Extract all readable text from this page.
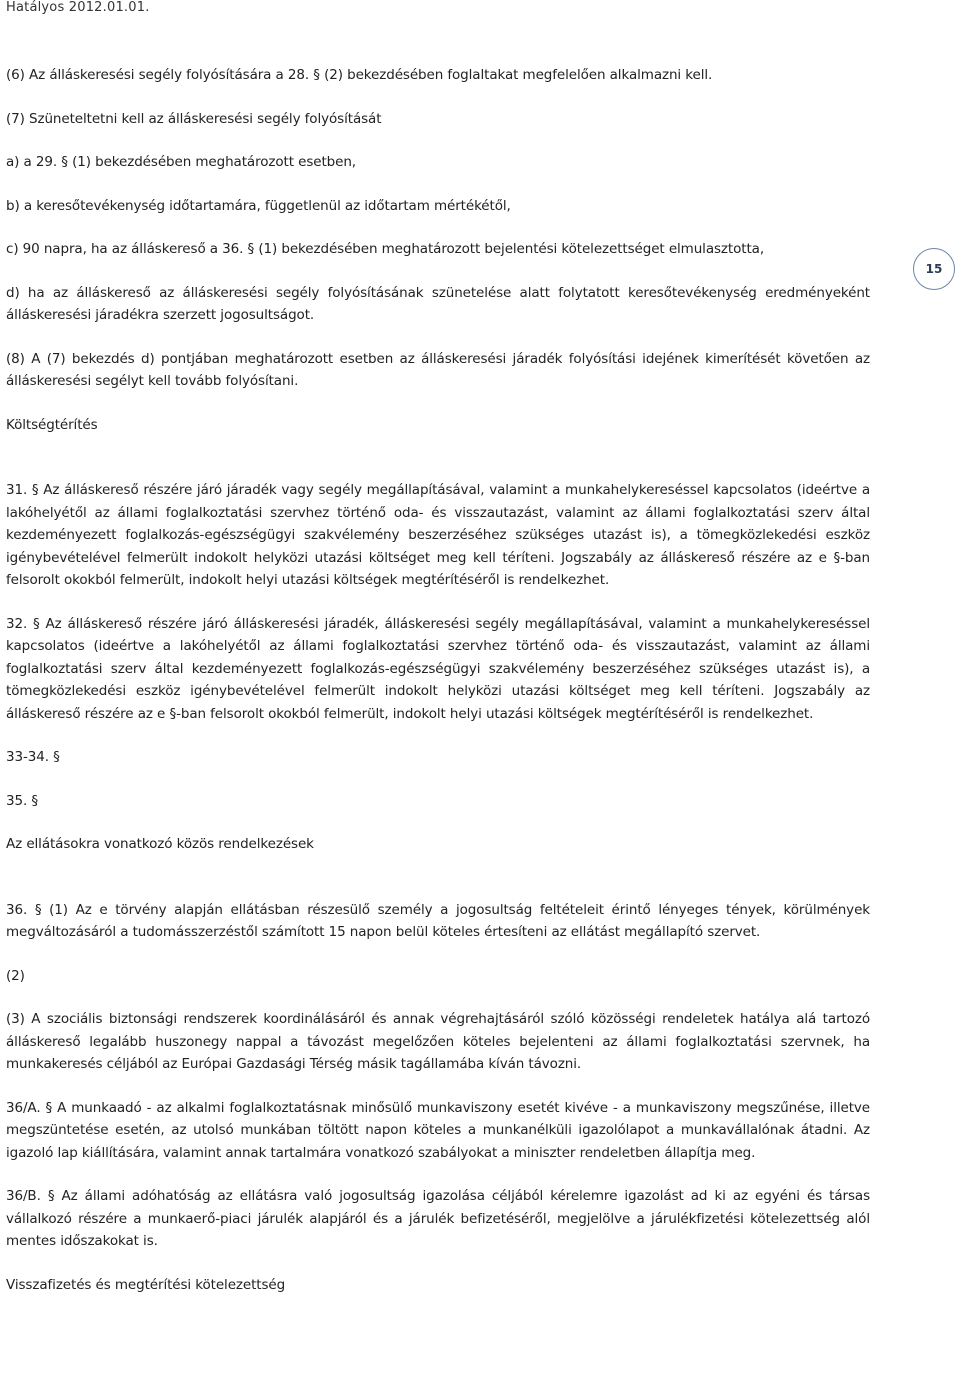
Hatályos 2012.01.01.
15

(6) Az álláskeresési segély folyósítására a 28. § (2) bekezdésében foglaltakat megfelelően alkalmazni kell.

(7) Szüneteltetni kell az álláskeresési segély folyósítását

a) a 29. § (1) bekezdésében meghatározott esetben,

b) a keresőtevékenység időtartamára, függetlenül az időtartam mértékétől,

c) 90 napra, ha az álláskereső a 36. § (1) bekezdésében meghatározott bejelentési kötelezettséget elmulasztotta,

d) ha az álláskereső az álláskeresési segély folyósításának szünetelése alatt folytatott keresőtevékenység eredményeként álláskeresési járadékra szerzett jogosultságot.

(8) A (7) bekezdés d) pontjában meghatározott esetben az álláskeresési járadék folyósítási idejének kimerítését követően az álláskeresési segélyt kell tovább folyósítani.

Költségtérítés

31. § Az álláskereső részére járó járadék vagy segély megállapításával, valamint a munkahelykereséssel kapcsolatos (ideértve a lakóhelyétől az állami foglalkoztatási szervhez történő oda- és visszautazást, valamint az állami foglalkoztatási szerv által kezdeményezett foglalkozás-egészségügyi szakvélemény beszerzéséhez szükséges utazást is), a tömegközlekedési eszköz igénybevételével felmerült indokolt helyközi utazási költséget meg kell téríteni. Jogszabály az álláskereső részére az e §-ban felsorolt okokból felmerült, indokolt helyi utazási költségek megtérítéséről is rendelkezhet.

32. § Az álláskereső részére járó álláskeresési járadék, álláskeresési segély megállapításával, valamint a munkahelykereséssel kapcsolatos (ideértve a lakóhelyétől az állami foglalkoztatási szervhez történő oda- és visszautazást, valamint az állami foglalkoztatási szerv által kezdeményezett foglalkozás-egészségügyi szakvélemény beszerzéséhez szükséges utazást is), a tömegközlekedési eszköz igénybevételével felmerült indokolt helyközi utazási költséget meg kell téríteni. Jogszabály az álláskereső részére az e §-ban felsorolt okokból felmerült, indokolt helyi utazási költségek megtérítéséről is rendelkezhet.

33-34. §

35. §

Az ellátásokra vonatkozó közös rendelkezések

36. § (1) Az e törvény alapján ellátásban részesülő személy a jogosultság feltételeit érintő lényeges tények, körülmények megváltozásáról a tudomásszerzéstől számított 15 napon belül köteles értesíteni az ellátást megállapító szervet.

(2)

(3) A szociális biztonsági rendszerek koordinálásáról és annak végrehajtásáról szóló közösségi rendeletek hatálya alá tartozó álláskereső legalább huszonegy nappal a távozást megelőzően köteles bejelenteni az állami foglalkoztatási szervnek, ha munkakeresés céljából az Európai Gazdasági Térség másik tagállamába kíván távozni.

36/A. § A munkaadó - az alkalmi foglalkoztatásnak minősülő munkaviszony esetét kivéve - a munkaviszony megszűnése, illetve megszüntetése esetén, az utolsó munkában töltött napon köteles a munkanélküli igazolólapot a munkavállalónak átadni. Az igazoló lap kiállítására, valamint annak tartalmára vonatkozó szabályokat a miniszter rendeletben állapítja meg.

36/B. § Az állami adóhatóság az ellátásra való jogosultság igazolása céljából kérelemre igazolást ad ki az egyéni és társas vállalkozó részére a munkaerő-piaci járulék alapjáról és a járulék befizetéséről, megjelölve a járulékfizetési kötelezettség alól mentes időszakokat is.

Visszafizetés és megtérítési kötelezettség
